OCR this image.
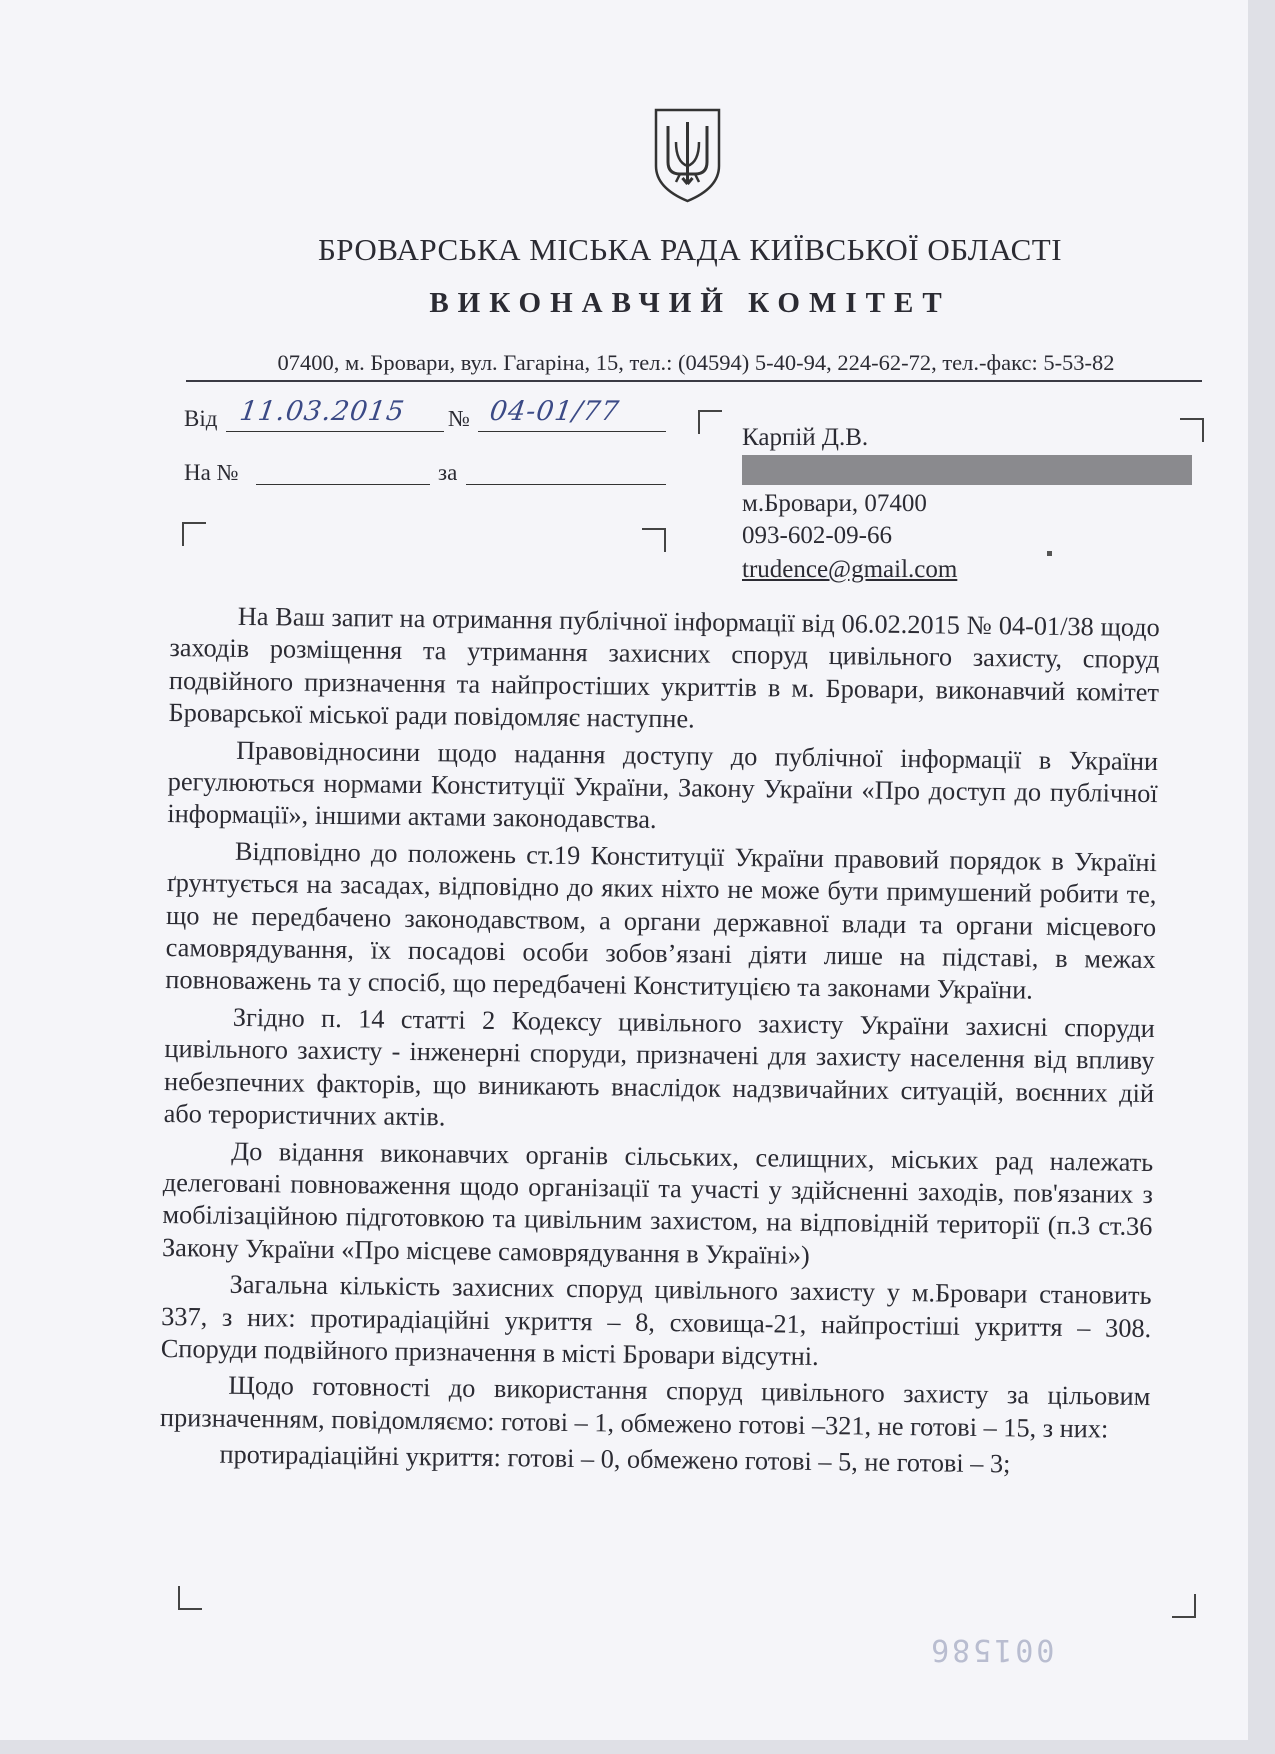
БРОВАРСЬКА МІСЬКА РАДА КИЇВСЬКОЇ ОБЛАСТІ
ВИКОНАВЧИЙ КОМІТЕТ
07400, м. Бровари, вул. Гагаріна, 15, тел.: (04594) 5-40-94, 224-62-72, тел.-факс: 5-53-82
Від 11.03.2015 № 04-01/77
На №	за
Карпій Д.В.
м.Бровари, 07400
093-602-09-66
trudence@gmail.com

На Ваш запит на отримання публічної інформації від 06.02.2015 № 04-01/38 щодо заходів розміщення та утримання захисних споруд цивільного захисту, споруд подвійного призначення та найпростіших укриттів в м. Бровари, виконавчий комітет Броварської міської ради повідомляє наступне.

Правовідносини щодо надання доступу до публічної інформації в України регулюються нормами Конституції України, Закону України «Про доступ до публічної інформації», іншими актами законодавства.

Відповідно до положень ст.19 Конституції України правовий порядок в Україні ґрунтується на засадах, відповідно до яких ніхто не може бути примушений робити те, що не передбачено законодавством, а органи державної влади та органи місцевого самоврядування, їх посадові особи зобов’язані діяти лише на підставі, в межах повноважень та у спосіб, що передбачені Конституцією та законами України.

Згідно п. 14 статті 2 Кодексу цивільного захисту України захисні споруди цивільного захисту - інженерні споруди, призначені для захисту населення від впливу небезпечних факторів, що виникають внаслідок надзвичайних ситуацій, воєнних дій або терористичних актів.

До відання виконавчих органів сільських, селищних, міських рад належать делеговані повноваження щодо організації та участі у здійсненні заходів, пов'язаних з мобілізаційною підготовкою та цивільним захистом, на відповідній території (п.3 ст.36 Закону України «Про місцеве самоврядування в Україні»)

Загальна кількість захисних споруд цивільного захисту у м.Бровари становить 337, з них: протирадіаційні укриття – 8, сховища-21, найпростіші укриття – 308. Споруди подвійного призначення в місті Бровари відсутні.

Щодо готовності до використання споруд цивільного захисту за цільовим призначенням, повідомляємо: готові – 1, обмежено готові –321, не готові – 15, з них:

протирадіаційні укриття: готові – 0, обмежено готові – 5, не готові – 3;

001586
